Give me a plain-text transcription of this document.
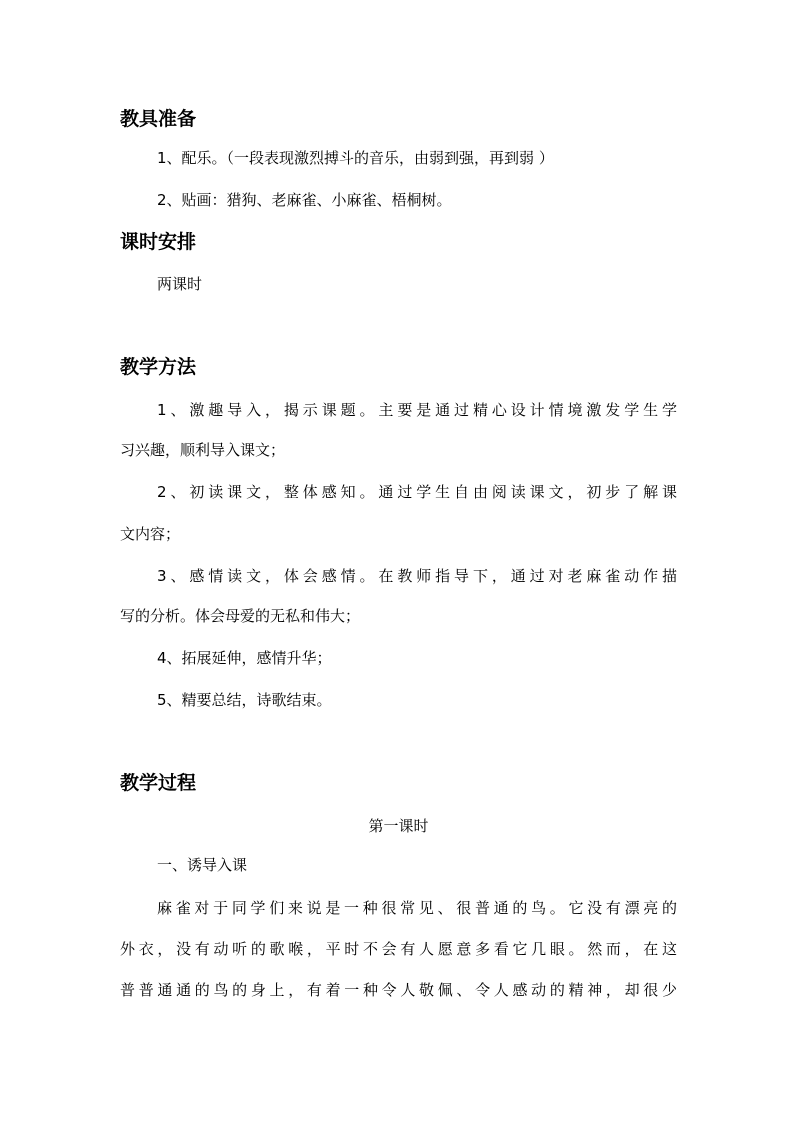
教具准备
1、配乐。（一段表现激烈搏斗的音乐，由弱到强，再到弱 ）
2、贴画：猎狗、老麻雀、小麻雀、梧桐树。
课时安排
两课时
教学方法
1、激趣导入，揭示课题。主要是通过精心设计情境激发学生学
习兴趣，顺利导入课文；
2、初读课文，整体感知。通过学生自由阅读课文，初步了解课
文内容；
3、感情读文，体会感情。在教师指导下，通过对老麻雀动作描
写的分析。体会母爱的无私和伟大；
4、拓展延伸，感情升华；
5、精要总结，诗歌结束。
教学过程
第一课时
一、诱导入课
麻雀对于同学们来说是一种很常见、很普通的鸟。它没有漂亮的
外衣，没有动听的歌喉，平时不会有人愿意多看它几眼。然而，在这
普普通通的鸟的身上，有着一种令人敬佩、令人感动的精神，却很少
